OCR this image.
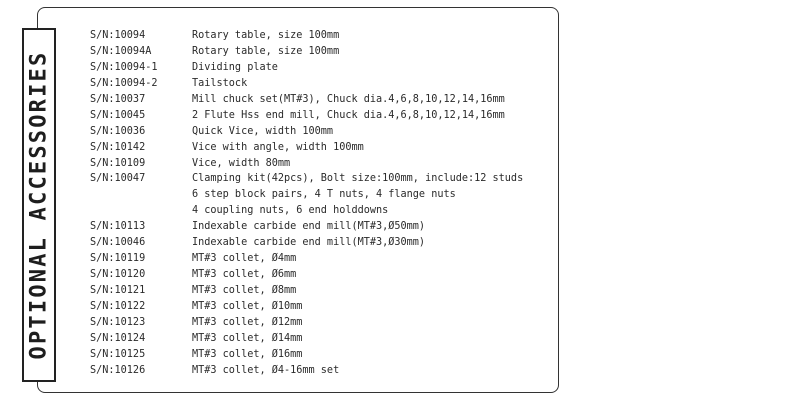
OPTIONAL ACCESSORIES
S/N:10094	Rotary table, size 100mm
S/N:10094A	Rotary table, size 100mm
S/N:10094-1	Dividing plate
S/N:10094-2	Tailstock
S/N:10037	Mill chuck set(MT#3), Chuck dia.4,6,8,10,12,14,16mm
S/N:10045	2 Flute Hss end mill, Chuck dia.4,6,8,10,12,14,16mm
S/N:10036	Quick Vice, width 100mm
S/N:10142	Vice with angle, width 100mm
S/N:10109	Vice, width 80mm
S/N:10047	Clamping kit(42pcs), Bolt size:100mm, include:12 studs
6 step block pairs, 4 T nuts, 4 flange nuts
4 coupling nuts, 6 end holddowns
S/N:10113	Indexable carbide end mill(MT#3,Ø50mm)
S/N:10046	Indexable carbide end mill(MT#3,Ø30mm)
S/N:10119	MT#3 collet, Ø4mm
S/N:10120	MT#3 collet, Ø6mm
S/N:10121	MT#3 collet, Ø8mm
S/N:10122	MT#3 collet, Ø10mm
S/N:10123	MT#3 collet, Ø12mm
S/N:10124	MT#3 collet, Ø14mm
S/N:10125	MT#3 collet, Ø16mm
S/N:10126	MT#3 collet, Ø4-16mm set
